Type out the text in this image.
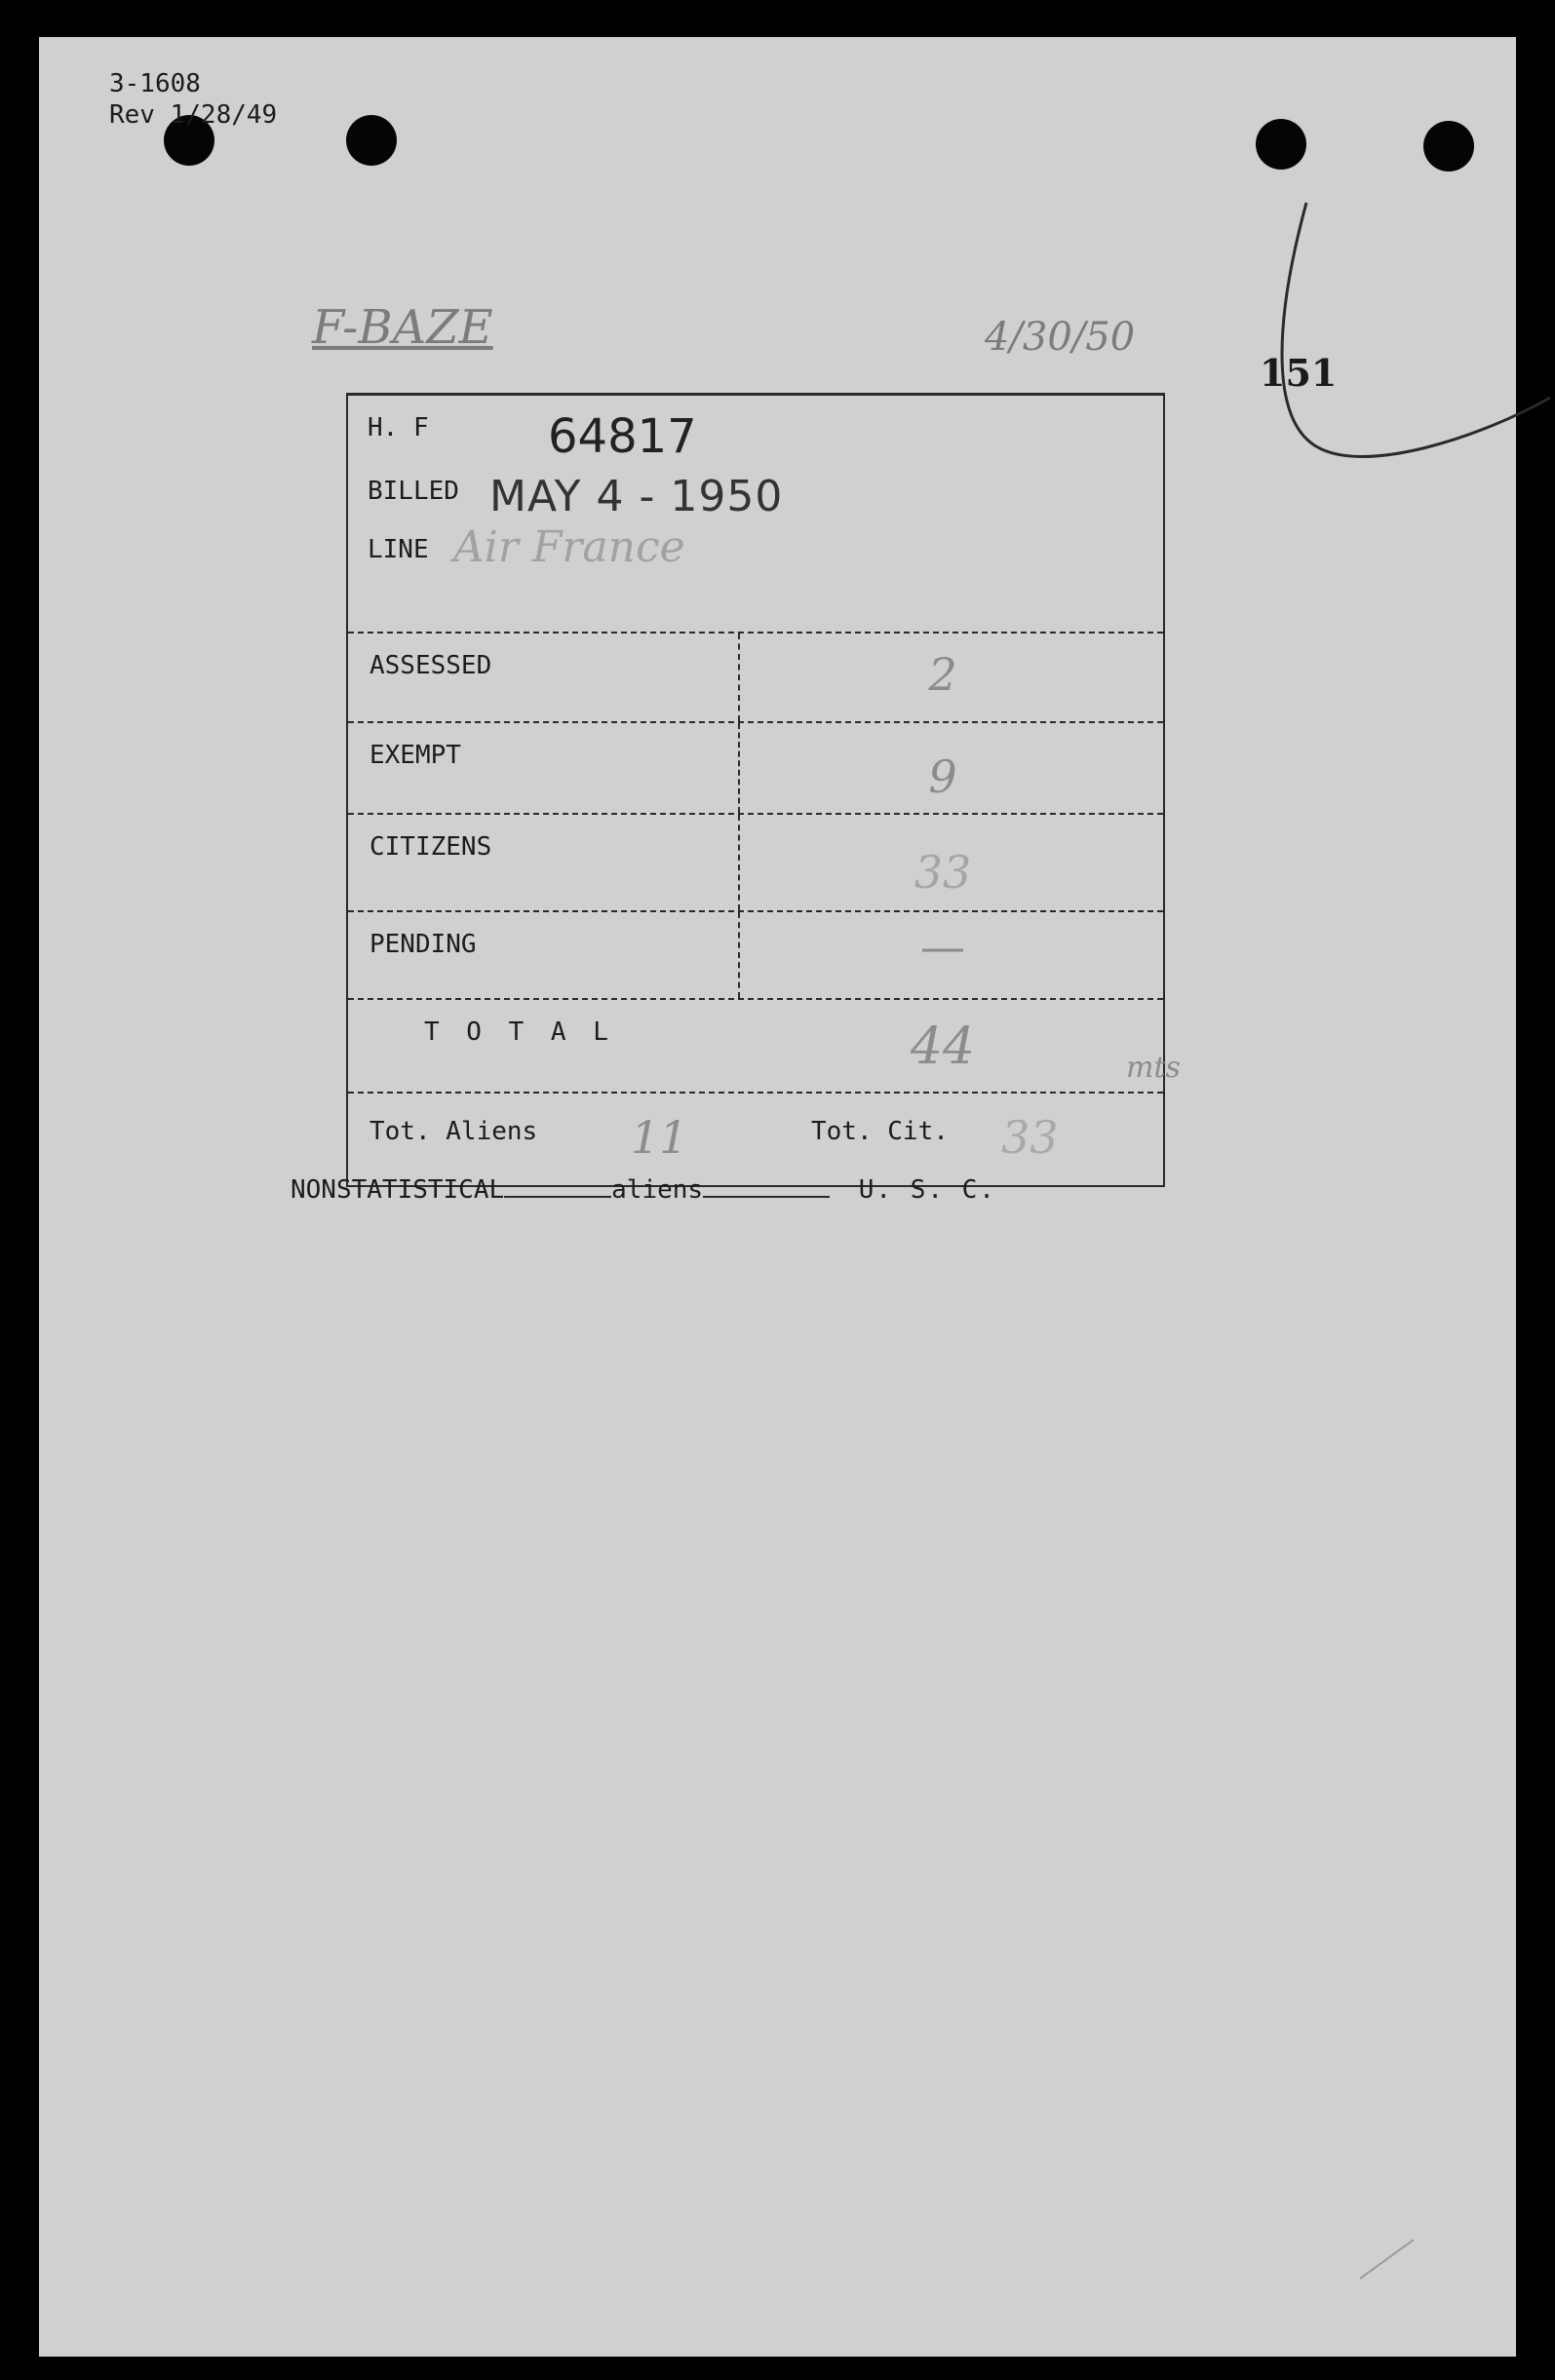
3-1608
Rev 1/28/49
F-BAZE	4/30/50
151
H. F	64817
BILLED MAY 4 - 1950
LINE Air France
ASSESSED	2
EXEMPT	9
CITIZENS	33
PENDING	—
T O T A L	44
Tot. Aliens 11	Tot. Cit. 33
mts
NONSTATISTICAL	aliens	U. S. C.
